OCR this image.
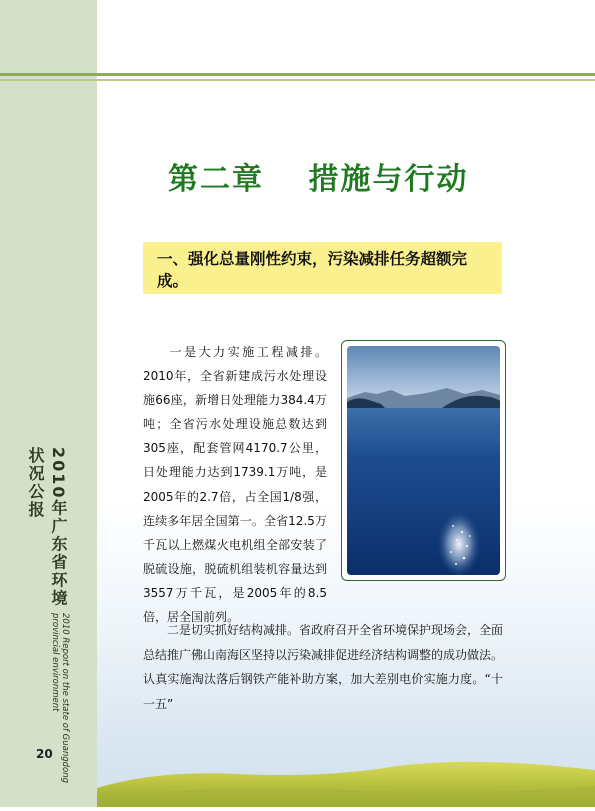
2010年广东省环境状况公报
2010 Report on the state of Guangdong provincial environment
20
第二章　 措施与行动
一、强化总量刚性约束，污染减排任务超额完成。
一是大力实施工程减排。2010年，全省新建成污水处理设施66座，新增日处理能力384.4万吨；全省污水处理设施总数达到305座，配套管网4170.7公里，日处理能力达到1739.1万吨，是2005年的2.7倍，占全国1/8强，连续多年居全国第一。全省12.5万千瓦以上燃煤火电机组全部安装了脱硫设施，脱硫机组装机容量达到3557万千瓦，是2005年的8.5倍，居全国前列。
二是切实抓好结构减排。省政府召开全省环境保护现场会，全面总结推广佛山南海区坚持以污染减排促进经济结构调整的成功做法。认真实施淘汰落后钢铁产能补助方案，加大差别电价实施力度。“十一五”
